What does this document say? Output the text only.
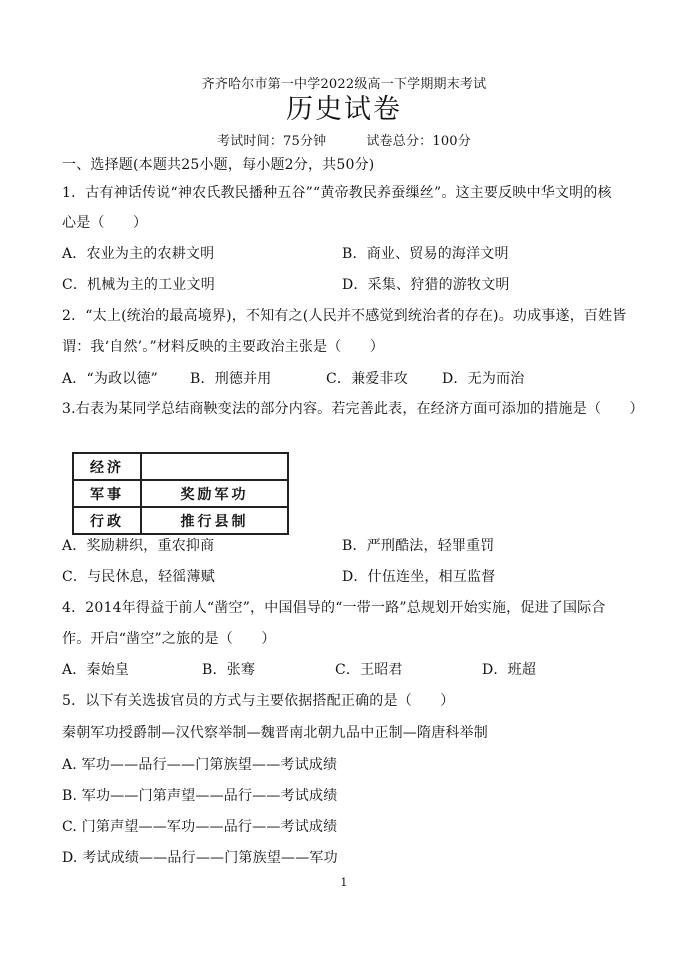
齐齐哈尔市第一中学2022级高一下学期期末考试
历史试卷
考试时间：75分钟	试卷总分：100分
一、选择题(本题共25小题，每小题2分，共50分)
1．古有神话传说“神农氏教民播种五谷”“黄帝教民养蚕缫丝”。这主要反映中华文明的核
心是（　　）
A．农业为主的农耕文明	B．商业、贸易的海洋文明
C．机械为主的工业文明	D．采集、狩猎的游牧文明
2．“太上(统治的最高境界)，不知有之(人民并不感觉到统治者的存在)。功成事遂，百姓皆
谓：我‘自然’。”材料反映的主要政治主张是（　　）
A．“为政以德” B．刑德并用	C．兼爱非攻 D．无为而治
3.右表为某同学总结商鞅变法的部分内容。若完善此表，在经济方面可添加的措施是（　　）
经济	
军事	奖励军功
行政	推行县制
A．奖励耕织，重农抑商	B．严刑酷法，轻罪重罚
C．与民休息，轻徭薄赋	D．什伍连坐，相互监督
4．2014年得益于前人“凿空”，中国倡导的“一带一路”总规划开始实施，促进了国际合
作。开启“凿空”之旅的是（　　）
A．秦始皇	B．张骞	C．王昭君	D．班超
5．以下有关选拔官员的方式与主要依据搭配正确的是（　　）
秦朝军功授爵制—汉代察举制—魏晋南北朝九品中正制—隋唐科举制
A. 军功——品行——门第族望——考试成绩
B. 军功——门第声望——品行——考试成绩
C. 门第声望——军功——品行——考试成绩
D. 考试成绩——品行——门第族望——军功
1
